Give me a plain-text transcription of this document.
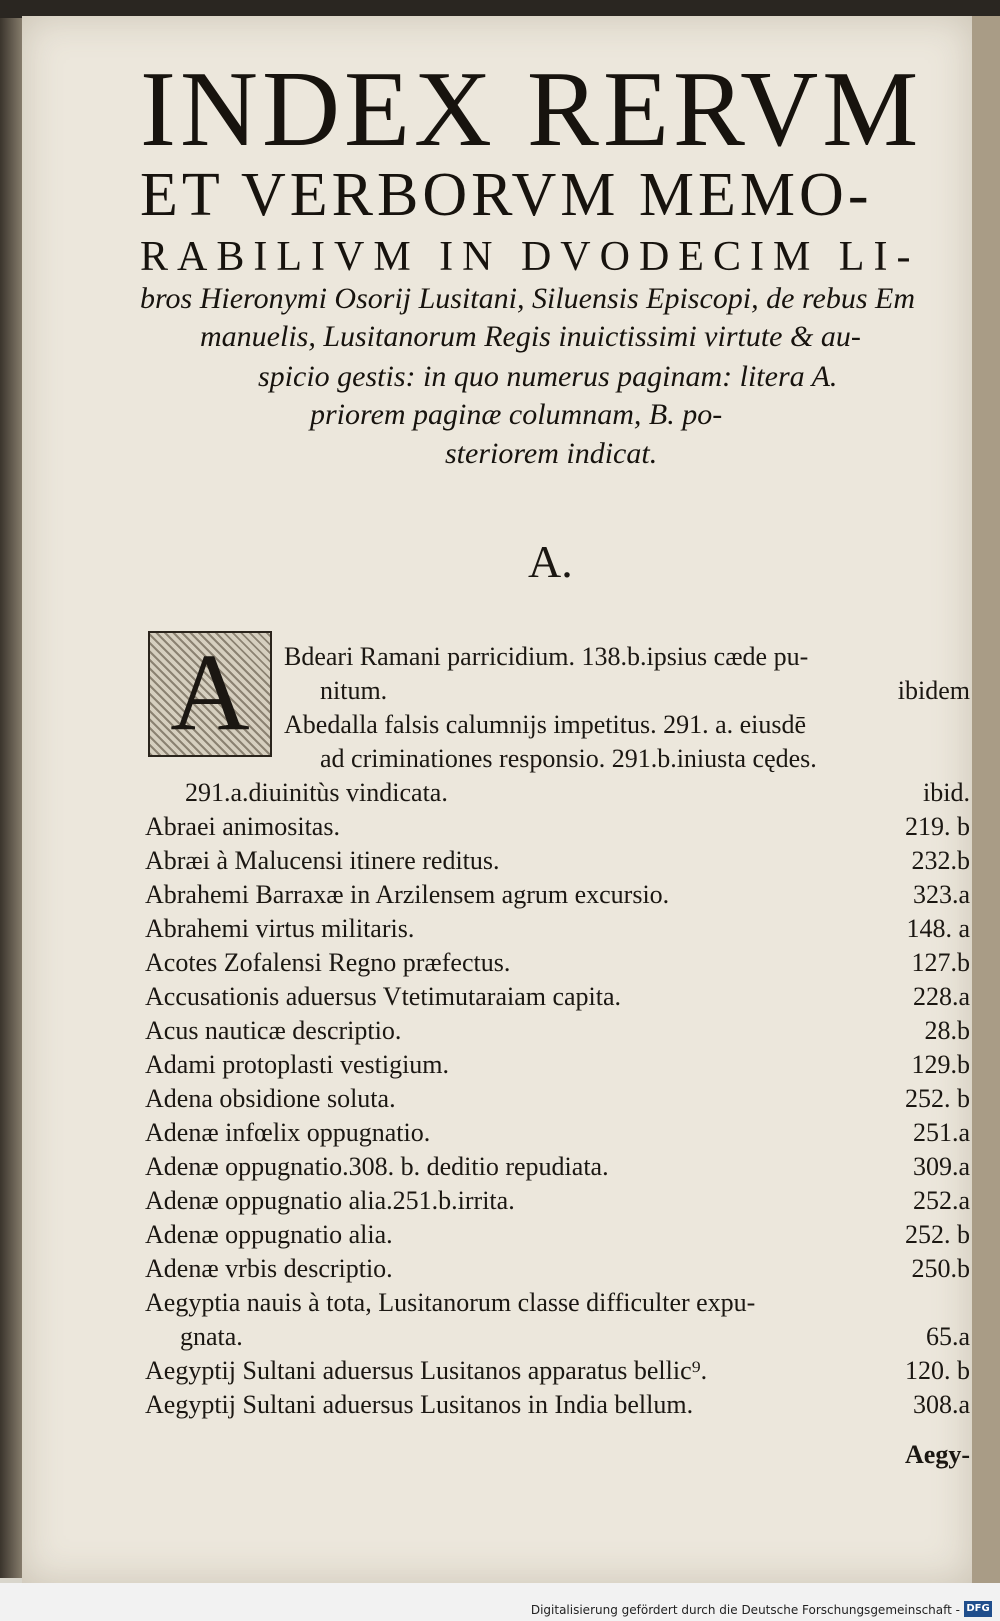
INDEX RERVM
ET VERBORVM MEMO-
RABILIVM IN DVODECIM LI-
bros Hieronymi Osorij Lusitani, Siluensis Episcopi, de rebus Em
manuelis, Lusitanorum Regis inuictissimi virtute & au-
spicio gestis: in quo numerus paginam: litera A.
priorem paginæ columnam, B. po-
steriorem indicat.
A.
A	Bdeari Ramani parricidium. 138.b.ipsius cæde pu-
nitum.	ibidem
Abedalla falsis calumnijs impetitus. 291. a. eiusdē
ad criminationes responsio. 291.b.iniusta cędes.
291.a.diuinitùs vindicata.	ibid.
Abraei animositas.	219. b
Abræi à Malucensi itinere reditus.	232.b
Abrahemi Barraxæ in Arzilensem agrum excursio.	323.a
Abrahemi virtus militaris.	148. a
Acotes Zofalensi Regno præfectus.	127.b
Accusationis aduersus Vtetimutaraiam capita.	228.a
Acus nauticæ descriptio.	28.b
Adami protoplasti vestigium.	129.b
Adena obsidione soluta.	252. b
Adenæ infœlix oppugnatio.	251.a
Adenæ oppugnatio.308. b. deditio repudiata.	309.a
Adenæ oppugnatio alia.251.b.irrita.	252.a
Adenæ oppugnatio alia.	252. b
Adenæ vrbis descriptio.	250.b
Aegyptia nauis à tota, Lusitanorum classe difficulter expu-
gnata.	65.a
Aegyptij Sultani aduersus Lusitanos apparatus bellic⁹.	120. b
Aegyptij Sultani aduersus Lusitanos in India bellum.	308.a
Aegy-
Digitalisierung gefördert durch die Deutsche Forschungsgemeinschaft - DFG
